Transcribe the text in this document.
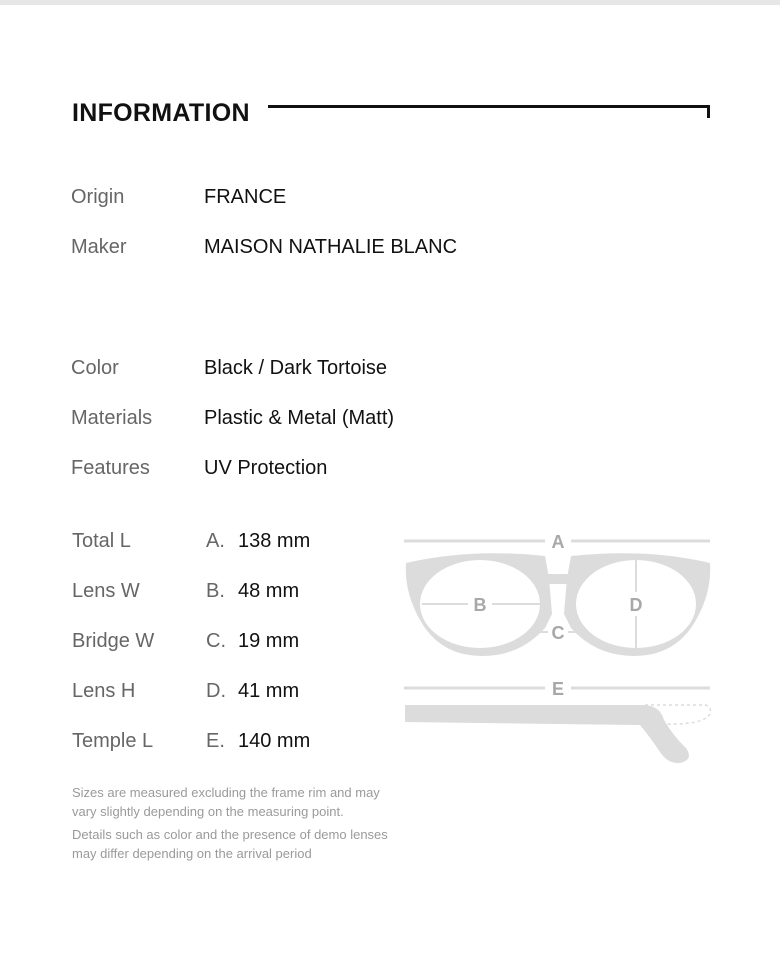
INFORMATION
Origin	FRANCE
Maker	MAISON NATHALIE BLANC
Color	Black / Dark Tortoise
Materials	Plastic & Metal (Matt)
Features	UV Protection
Total L	A. 138 mm
Lens W	B. 48 mm
Bridge W	C. 19 mm
Lens H	D. 41 mm
Temple L	E. 140 mm
A
B
C
D
E

Sizes are measured excluding the frame rim and may vary slightly depending on the measuring point.

Details such as color and the presence of demo lenses may differ depending on the arrival period
